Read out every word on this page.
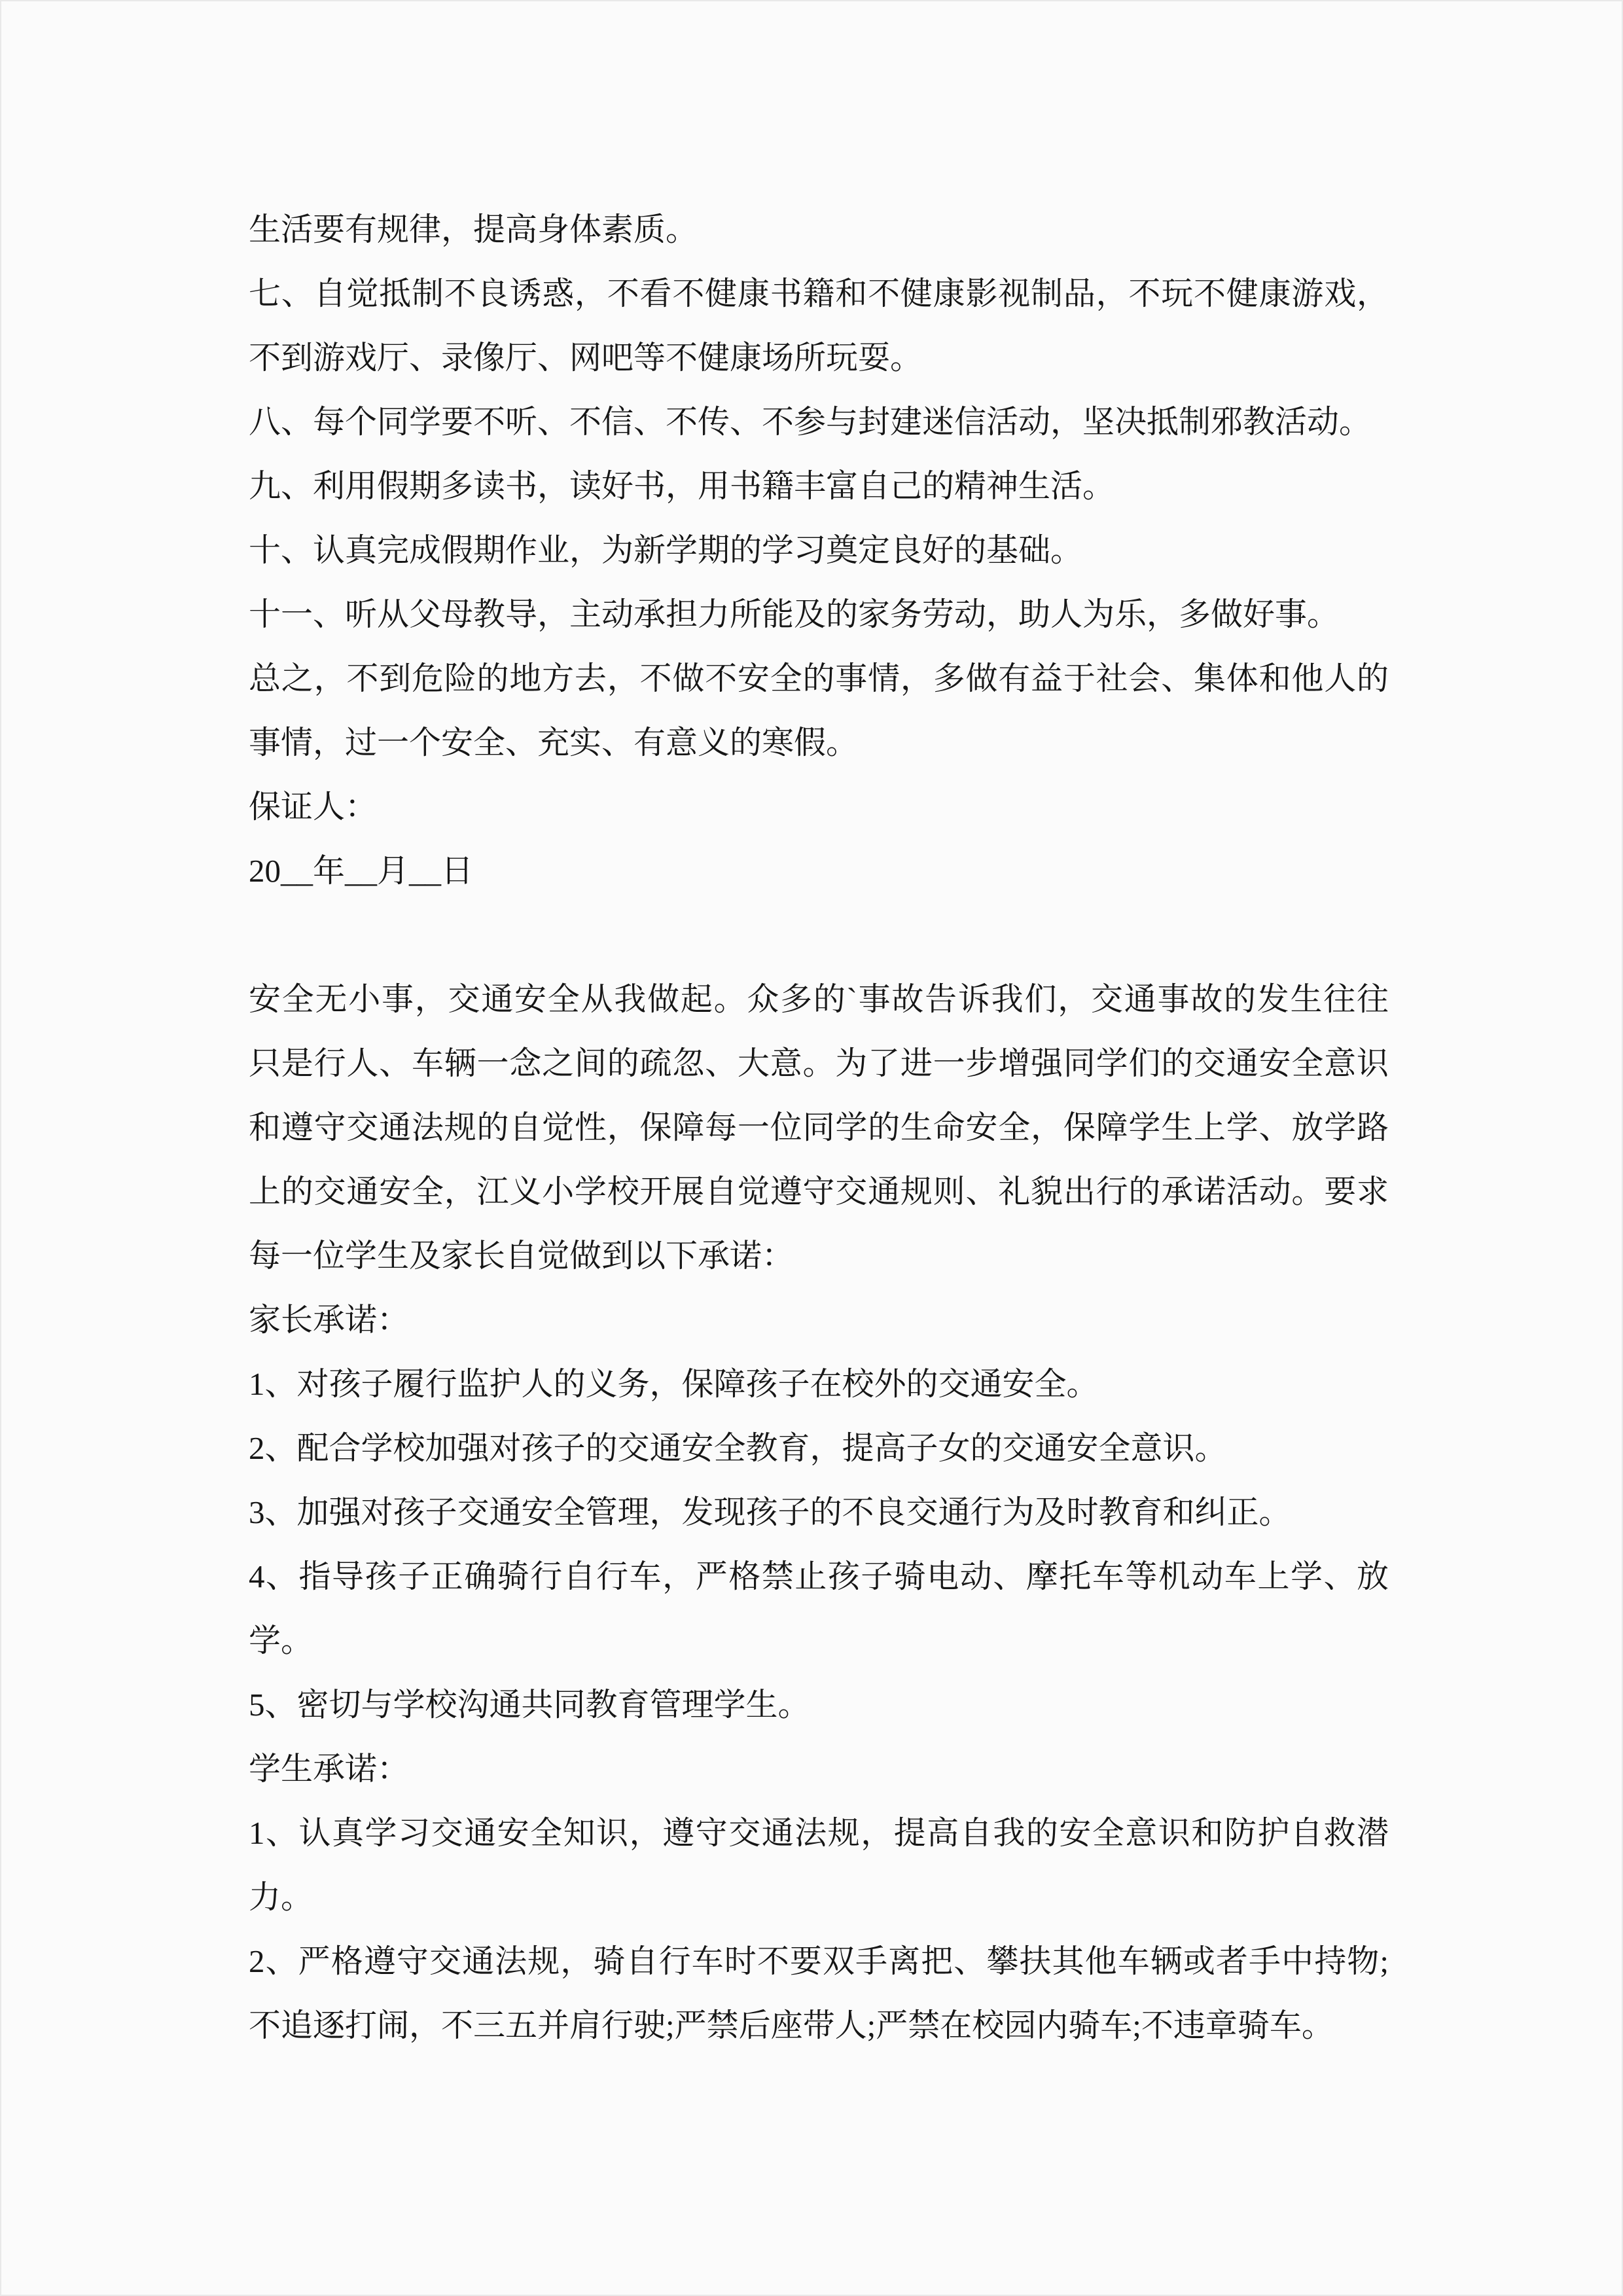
生活要有规律，提高身体素质。
七、自觉抵制不良诱惑，不看不健康书籍和不健康影视制品，不玩不健康游戏，
不到游戏厅、录像厅、网吧等不健康场所玩耍。
八、每个同学要不听、不信、不传、不参与封建迷信活动，坚决抵制邪教活动。
九、利用假期多读书，读好书，用书籍丰富自己的精神生活。
十、认真完成假期作业，为新学期的学习奠定良好的基础。
十一、听从父母教导，主动承担力所能及的家务劳动，助人为乐，多做好事。
总之，不到危险的地方去，不做不安全的事情，多做有益于社会、集体和他人的
事情，过一个安全、充实、有意义的寒假。
保证人：
20__年__月__日
安全无小事，交通安全从我做起。众多的`事故告诉我们，交通事故的发生往往
只是行人、车辆一念之间的疏忽、大意。为了进一步增强同学们的交通安全意识
和遵守交通法规的自觉性，保障每一位同学的生命安全，保障学生上学、放学路
上的交通安全，江义小学校开展自觉遵守交通规则、礼貌出行的承诺活动。要求
每一位学生及家长自觉做到以下承诺：
家长承诺：
1、对孩子履行监护人的义务，保障孩子在校外的交通安全。
2、配合学校加强对孩子的交通安全教育，提高子女的交通安全意识。
3、加强对孩子交通安全管理，发现孩子的不良交通行为及时教育和纠正。
4、指导孩子正确骑行自行车，严格禁止孩子骑电动、摩托车等机动车上学、放
学。
5、密切与学校沟通共同教育管理学生。
学生承诺：
1、认真学习交通安全知识，遵守交通法规，提高自我的安全意识和防护自救潜
力。
2、严格遵守交通法规，骑自行车时不要双手离把、攀扶其他车辆或者手中持物;
不追逐打闹，不三五并肩行驶;严禁后座带人;严禁在校园内骑车;不违章骑车。
